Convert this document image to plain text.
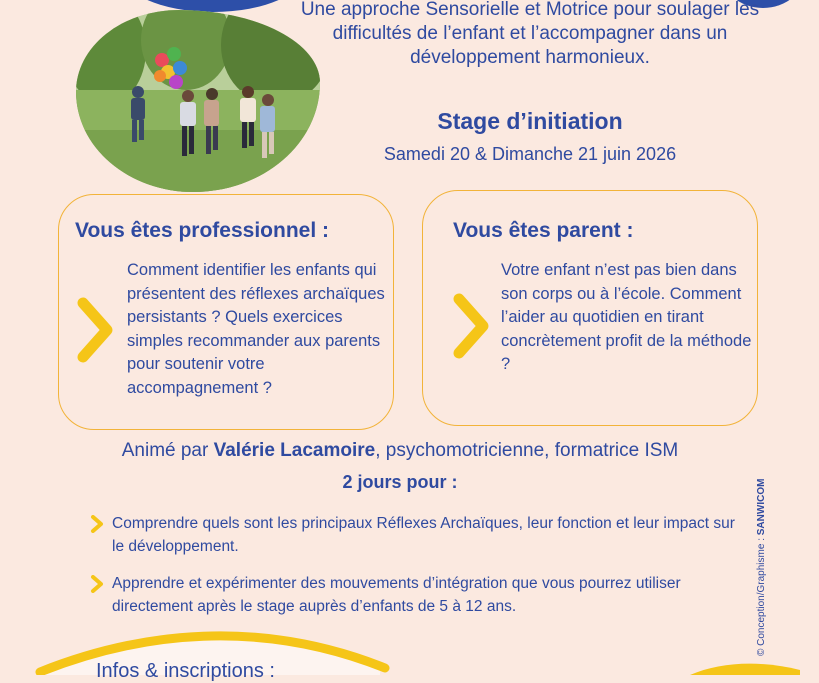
Une approche Sensorielle et Motrice pour soulager les difficultés de l’enfant et l’accompagner dans un développement harmonieux.
Stage d’initiation
Samedi 20 & Dimanche 21 juin 2026
Vous êtes professionnel :
Comment identifier les enfants qui présentent des réflexes archaïques persistants ? Quels exercices simples recommander aux parents pour soutenir votre accompagnement ?
Vous êtes parent :
Votre enfant n’est pas bien dans son corps ou à l’école. Comment l’aider au quotidien en tirant concrètement profit de la méthode ?
Animé par Valérie Lacamoire, psychomotricienne, formatrice ISM
2 jours pour :
Comprendre quels sont les principaux Réflexes Archaïques, leur fonction et leur impact sur le développement.
Apprendre et expérimenter des mouvements d’intégration que vous pourrez utiliser directement après le stage auprès d’enfants de 5 à 12 ans.	© Conception/Graphisme : SANWICOM
Infos & inscriptions :
